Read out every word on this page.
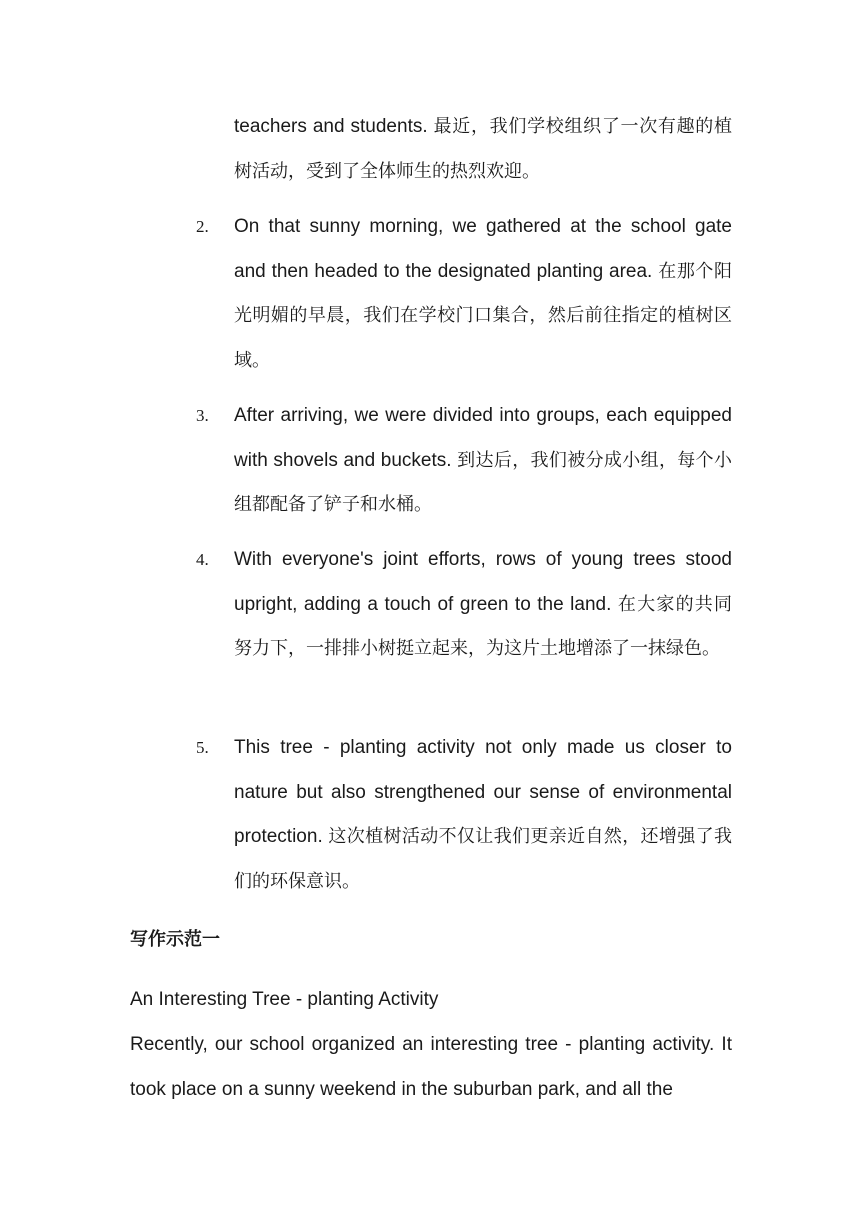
teachers and students. 最近，我们学校组织了一次有趣的植树活动，受到了全体师生的热烈欢迎。
2.	On that sunny morning, we gathered at the school gate and then headed to the designated planting area. 在那个阳光明媚的早晨，我们在学校门口集合，然后前往指定的植树区域。
3.	After arriving, we were divided into groups, each equipped with shovels and buckets. 到达后，我们被分成小组，每个小组都配备了铲子和水桶。
4.	With everyone's joint efforts, rows of young trees stood upright, adding a touch of green to the land. 在大家的共同努力下，一排排小树挺立起来，为这片土地增添了一抹绿色。
5.	This tree - planting activity not only made us closer to nature but also strengthened our sense of environmental protection. 这次植树活动不仅让我们更亲近自然，还增强了我们的环保意识。
写作示范一
An Interesting Tree - planting Activity
Recently, our school organized an interesting tree - planting activity. It took place on a sunny weekend in the suburban park, and all the
